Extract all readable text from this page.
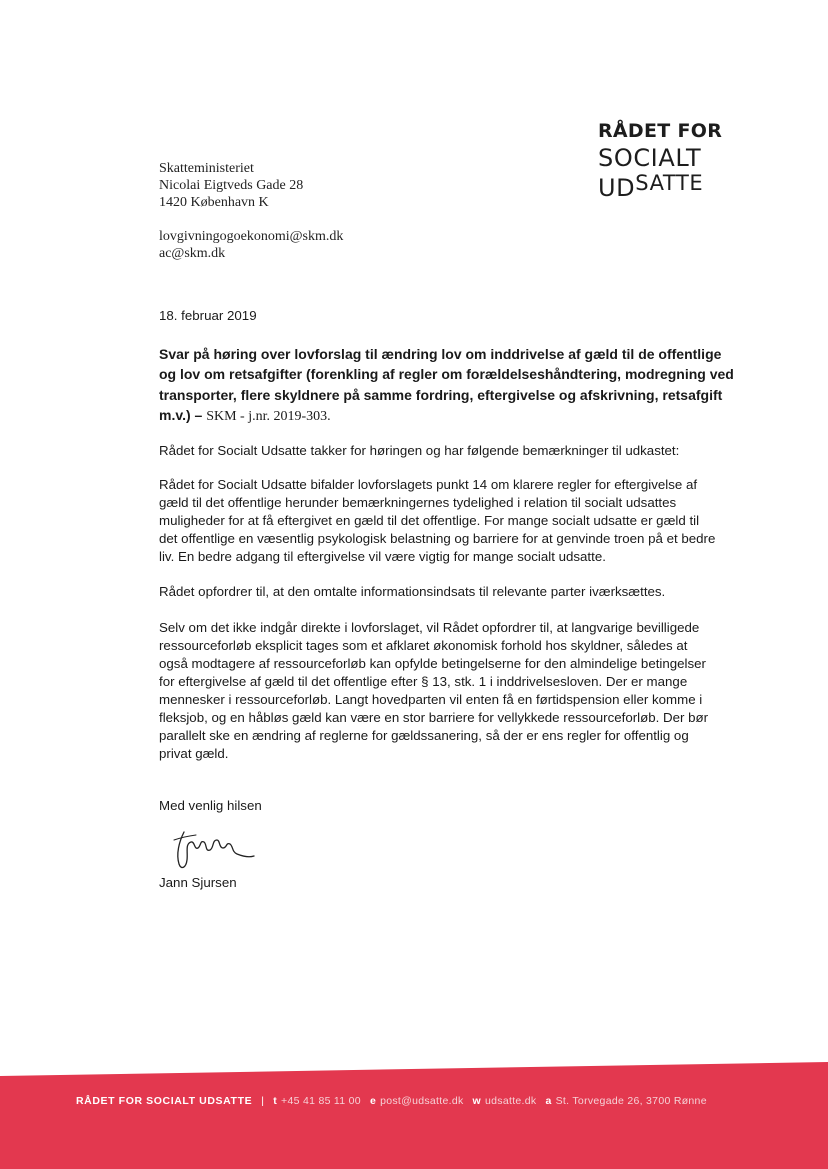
RÅDET FOR
SOCIALT
UDSATTE
Skatteministeriet
Nicolai Eigtveds Gade 28
1420 København K
lovgivningogoekonomi@skm.dk
ac@skm.dk
18. februar 2019
Svar på høring over lovforslag til ændring lov om inddrivelse af gæld til de offentlige og lov om retsafgifter (forenkling af regler om forældelseshåndtering, modregning ved transporter, flere skyldnere på samme fordring, eftergivelse og afskrivning, retsafgift m.v.) – SKM - j.nr. 2019-303.
Rådet for Socialt Udsatte takker for høringen og har følgende bemærkninger til udkastet:
Rådet for Socialt Udsatte bifalder lovforslagets punkt 14 om klarere regler for eftergivelse af gæld til det offentlige herunder bemærkningernes tydelighed i relation til socialt udsattes muligheder for at få eftergivet en gæld til det offentlige. For mange socialt udsatte er gæld til det offentlige en væsentlig psykologisk belastning og barriere for at genvinde troen på et bedre liv. En bedre adgang til eftergivelse vil være vigtig for mange socialt udsatte.
Rådet opfordrer til, at den omtalte informationsindsats til relevante parter iværksættes.
Selv om det ikke indgår direkte i lovforslaget, vil Rådet opfordrer til, at langvarige bevilligede ressourceforløb eksplicit tages som et afklaret økonomisk forhold hos skyldner, således at også modtagere af ressourceforløb kan opfylde betingelserne for den almindelige betingelser for eftergivelse af gæld til det offentlige efter § 13, stk. 1 i inddrivelsesloven. Der er mange mennesker i ressourceforløb. Langt hovedparten vil enten få en førtidspension eller komme i fleksjob, og en håbløs gæld kan være en stor barriere for vellykkede ressourceforløb. Der bør parallelt ske en ændring af reglerne for gældssanering, så der er ens regler for offentlig og privat gæld.
Med venlig hilsen
Jann Sjursen
RÅDET FOR SOCIALT UDSATTE | t +45 41 85 11 00 e post@udsatte.dk w udsatte.dk a St. Torvegade 26, 3700 Rønne
